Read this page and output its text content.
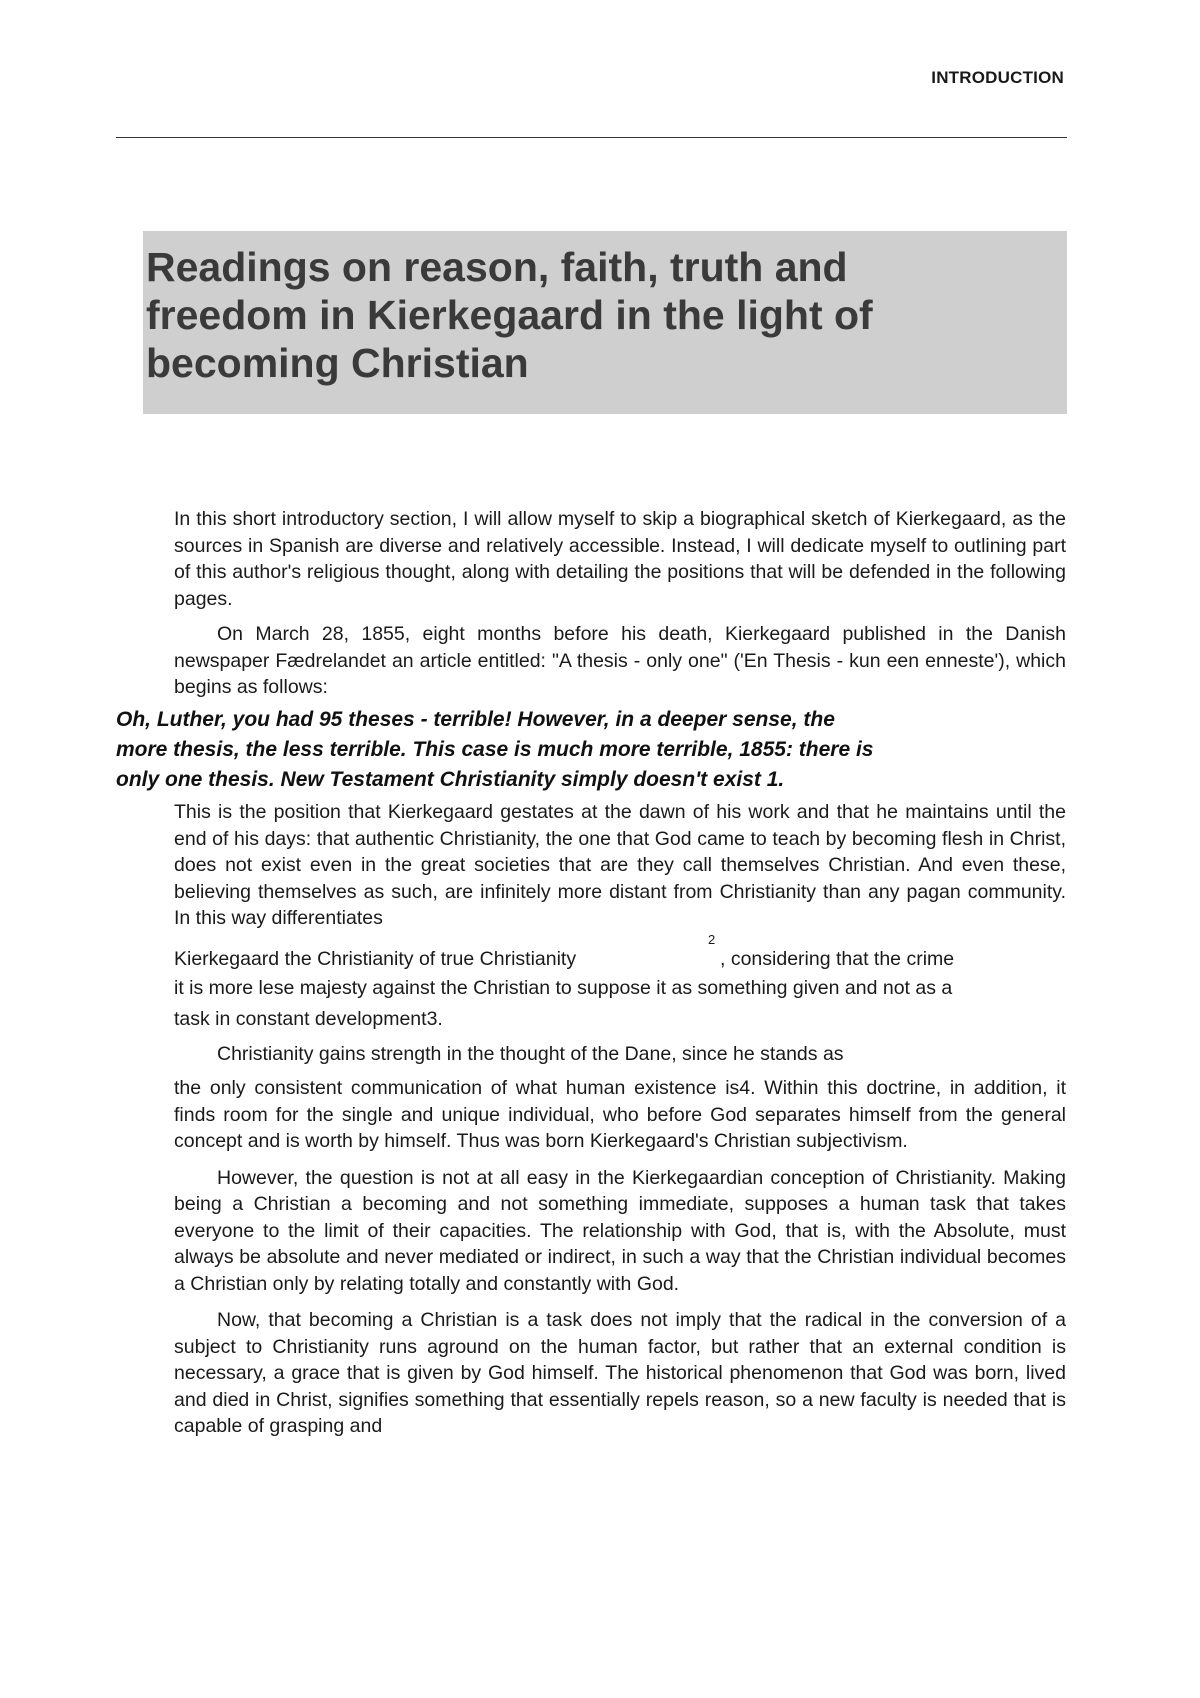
INTRODUCTION
Readings on reason, faith, truth and
freedom in Kierkegaard in the light of
becoming Christian

In this short introductory section, I will allow myself to skip a biographical sketch of Kierkegaard, as the sources in Spanish are diverse and relatively accessible. Instead, I will dedicate myself to outlining part of this author's religious thought, along with detailing the positions that will be defended in the following pages.

On March 28, 1855, eight months before his death, Kierkegaard published in the Danish newspaper Fædrelandet an article entitled: "A thesis - only one" ('En Thesis - kun een enneste'), which begins as follows:

Oh, Luther, you had 95 theses - terrible! However, in a deeper sense, the
more thesis, the less terrible. This case is much more terrible, 1855: there is
only one thesis. New Testament Christianity simply doesn't exist 1.

This is the position that Kierkegaard gestates at the dawn of his work and that he maintains until the end of his days: that authentic Christianity, the one that God came to teach by becoming flesh in Christ, does not exist even in the great societies that are they call themselves Christian. And even these, believing themselves as such, are infinitely more distant from Christianity than any pagan community. In this way differentiates

2
Kierkegaard the Christianity of true Christianity	, considering that the crime
it is more lese majesty against the Christian to suppose it as something given and not as a
task in constant development3.
Christianity gains strength in the thought of the Dane, since he stands as

the only consistent communication of what human existence is4. Within this doctrine, in addition, it finds room for the single and unique individual, who before God separates himself from the general concept and is worth by himself. Thus was born Kierkegaard's Christian subjectivism.

However, the question is not at all easy in the Kierkegaardian conception of Christianity. Making being a Christian a becoming and not something immediate, supposes a human task that takes everyone to the limit of their capacities. The relationship with God, that is, with the Absolute, must always be absolute and never mediated or indirect, in such a way that the Christian individual becomes a Christian only by relating totally and constantly with God.

Now, that becoming a Christian is a task does not imply that the radical in the conversion of a subject to Christianity runs aground on the human factor, but rather that an external condition is necessary, a grace that is given by God himself. The historical phenomenon that God was born, lived and died in Christ, signifies something that essentially repels reason, so a new faculty is needed that is capable of grasping and
